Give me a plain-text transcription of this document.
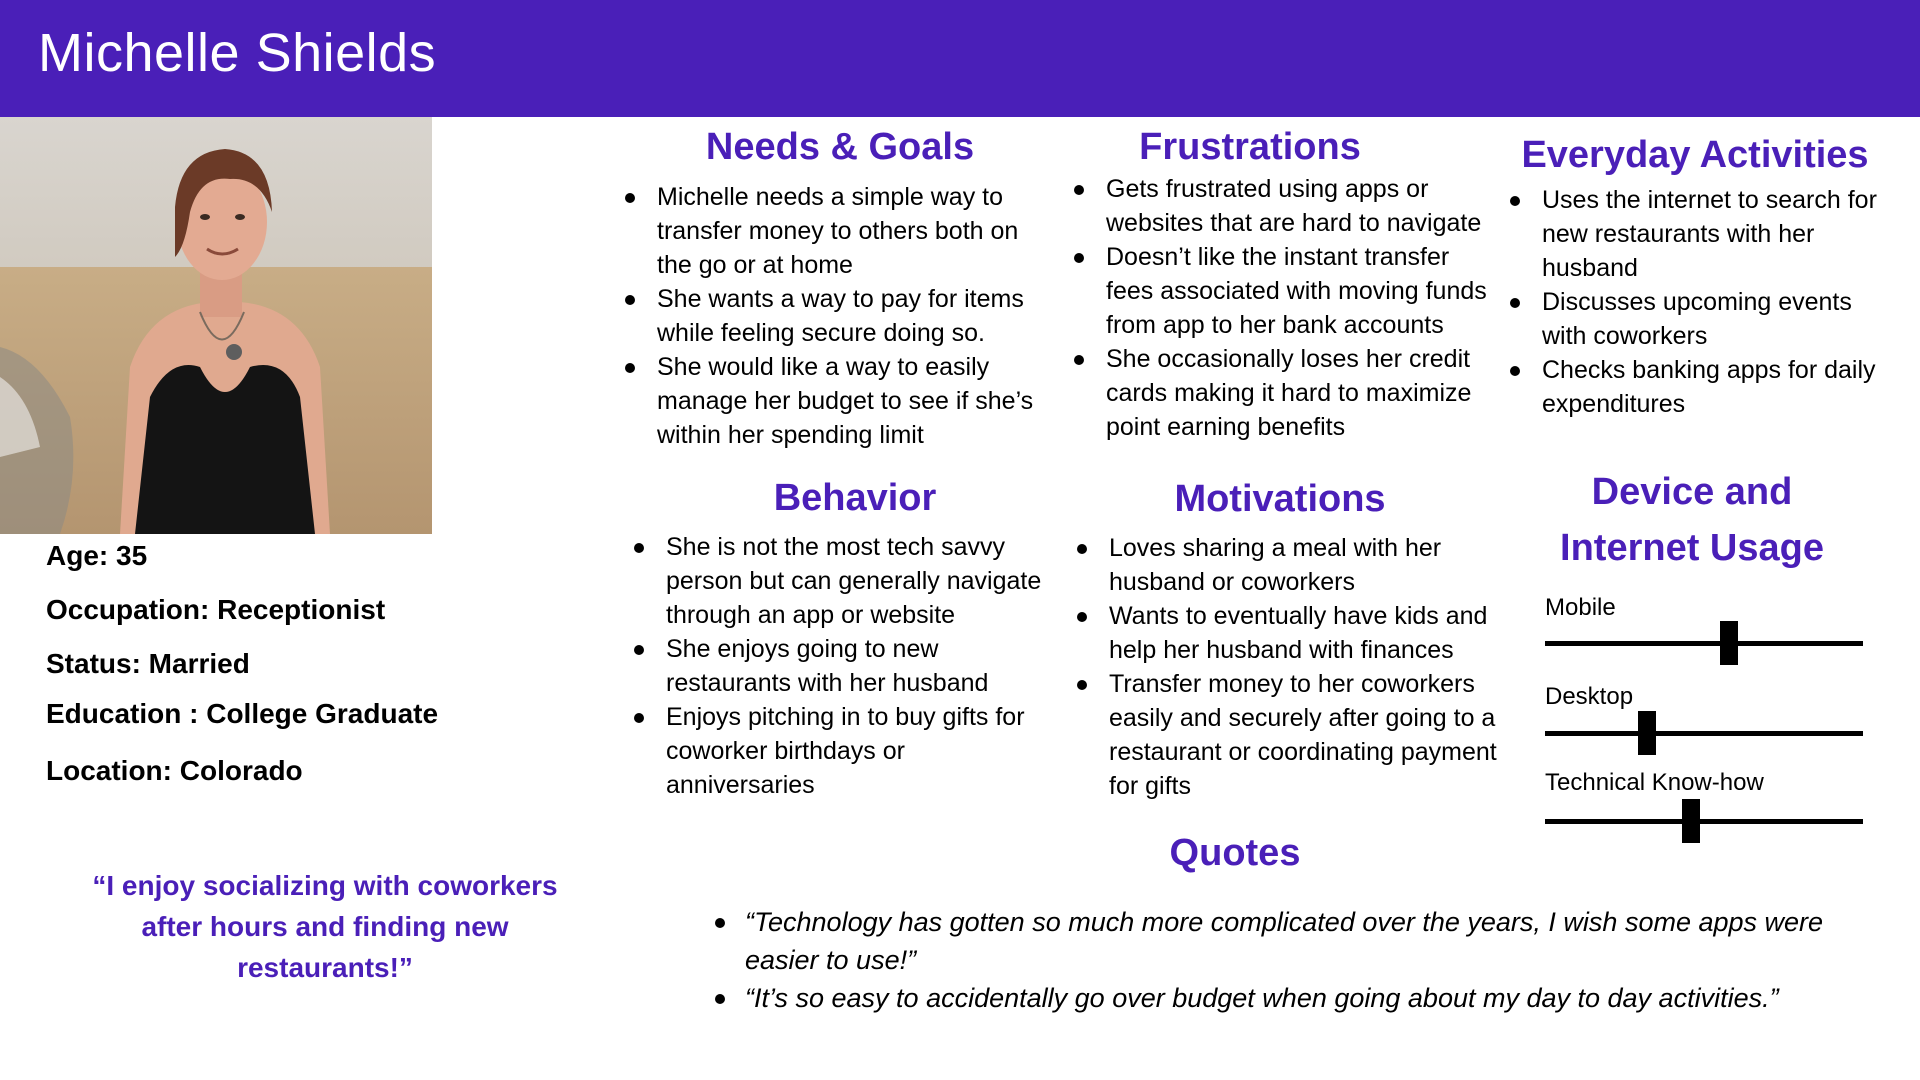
Michelle Shields

Age: 35

Occupation: Receptionist

Status: Married

Education : College Graduate

Location: Colorado

“I enjoy socializing with coworkers after hours and finding new restaurants!”

Needs & Goals
Michelle needs a simple way to transfer money to others both on the go or at home
She wants a way to pay for items while feeling secure doing so.
She would like a way to easily manage her budget to see if she’s within her spending limit
Frustrations
Gets frustrated using apps or websites that are hard to navigate
Doesn’t like the instant transfer fees associated with moving funds from app to her bank accounts
She occasionally loses her credit cards making it hard to maximize point earning benefits
Everyday Activities
Uses the internet to search for new restaurants with her husband
Discusses upcoming events with coworkers
Checks banking apps for daily expenditures
Behavior
She is not the most tech savvy person but can generally navigate through an app or website
She enjoys going to new restaurants with her husband
Enjoys pitching in to buy gifts for coworker birthdays or anniversaries
Motivations
Loves sharing a meal with her husband or coworkers
Wants to eventually have kids and help her husband with finances
Transfer money to her coworkers easily and securely after going to a restaurant or coordinating payment for gifts
Device and
Internet Usage

Mobile

Desktop

Technical Know-how

Quotes
“Technology has gotten so much more complicated over the years, I wish some apps were easier to use!”
“It’s so easy to accidentally go over budget when going about my day to day activities.”
